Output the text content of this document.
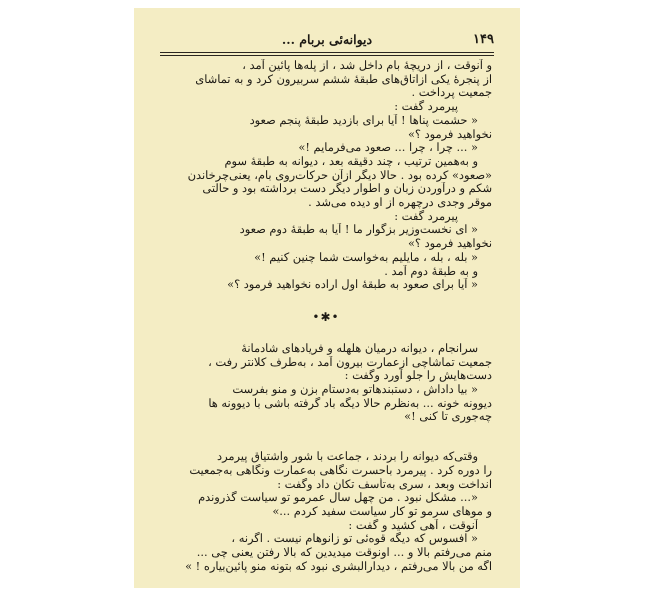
۱۴۹
دیوانه‌ئی بربام ...
و آنوقت ، از دریچهٔ بام داخل شد ، از پله‌ها پائین آمد ،
از پنجرهٔ یکی ازاتاق‌های طبقهٔ ششم سربیرون کرد و به تماشای
جمعیت پرداخت .
پیرمرد گفت :
« حشمت پناها ! آیا برای بازدید طبقهٔ پنجم صعود
نخواهید فرمود ؟»
« ... چرا ، چرا ... صعود می‌فرمایم !»
و به‌همین ترتیب ، چند دقیقه بعد ، دیوانه به طبقهٔ سوم
«صعود» کرده بود . حالا دیگر ازآن حرکات‌روی بام، یعنی‌چرخاندن
شکم و درآوردن زبان و اطوار دیگر دست برداشته بود و حالتی
موقر وجدی درچهره از او دیده می‌شد .
پیرمرد گفت :
« ای نخست‌وزیر بزگوار ما ! آیا به طبقهٔ دوم صعود
نخواهید فرمود ؟»
« بله ، بله ، مایلیم به‌خواست شما چنین کنیم !»
و به طبقهٔ دوم آمد .
« آیا برای صعود به طبقهٔ اول اراده نخواهید فرمود ؟»
•✱•
سرانجام ، دیوانه درمیان هلهله و فریادهای شادمانهٔ
جمعیت تماشاچی ازعمارت بیرون آمد ، به‌طرف کلانتر رفت ،
دست‌هایش را جلو آورد وگفت :
« بیا داداش ، دستبندهاتو به‌دستام بزن و منو بفرست
دیوونه خونه ... به‌نظرم حالا دیگه باد گرفته باشی با دیوونه ها
چه‌جوری تا کنی !»
وقتی‌که دیوانه را بردند ، جماعت با شور واشتیاق پیرمرد
را دوره کرد . پیرمرد باحسرت نگاهی به‌عمارت ونگاهی به‌جمعیت
انداخت وبعد ، سری به‌تأسف تکان داد وگفت :
«... مشکل نبود . من چهل سال عمرمو تو سیاست گذروندم
و موهای سرمو تو کار سیاست سفید کردم ...»
آنوقت ، آهی کشید و گفت :
« افسوس که دیگه قوه‌ئی تو زانوهام نیست . اگرنه ،
منم می‌رفتم بالا و ... اونوقت میدیدین که بالا رفتن یعنی چی ...
اگه من بالا می‌رفتم ، دیدارالبشری نبود که بتونه منو پائین‌بیاره ! »
